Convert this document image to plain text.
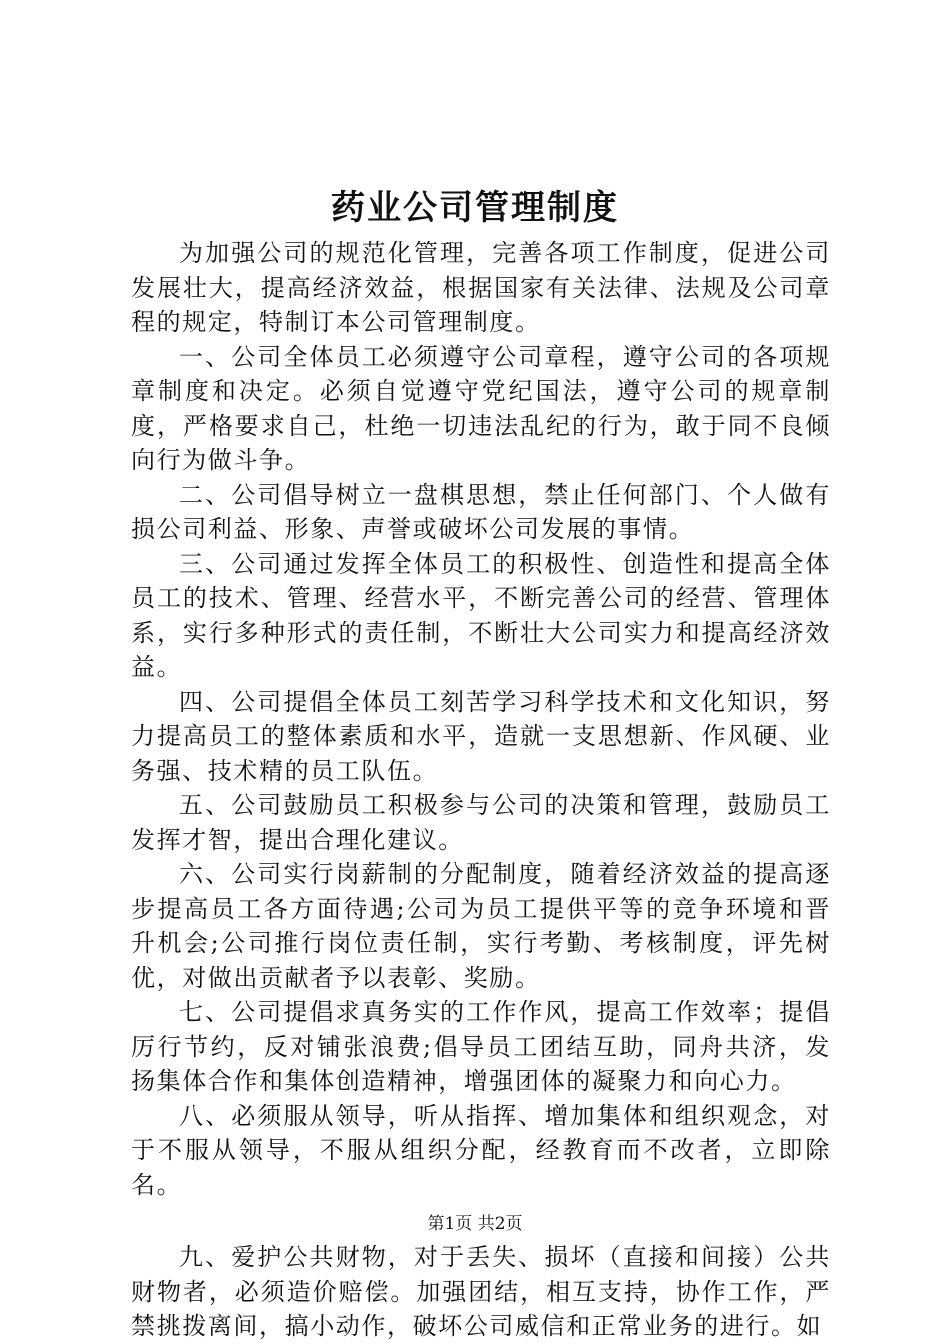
药业公司管理制度

为加强公司的规范化管理，完善各项工作制度，促进公司发展壮大，提高经济效益，根据国家有关法律、法规及公司章程的规定，特制订本公司管理制度。

一、公司全体员工必须遵守公司章程，遵守公司的各项规章制度和决定。必须自觉遵守党纪国法，遵守公司的规章制度，严格要求自己，杜绝一切违法乱纪的行为，敢于同不良倾向行为做斗争。

二、公司倡导树立一盘棋思想，禁止任何部门、个人做有损公司利益、形象、声誉或破坏公司发展的事情。

三、公司通过发挥全体员工的积极性、创造性和提高全体员工的技术、管理、经营水平，不断完善公司的经营、管理体系，实行多种形式的责任制，不断壮大公司实力和提高经济效益。

四、公司提倡全体员工刻苦学习科学技术和文化知识，努力提高员工的整体素质和水平，造就一支思想新、作风硬、业务强、技术精的员工队伍。

五、公司鼓励员工积极参与公司的决策和管理，鼓励员工发挥才智，提出合理化建议。

六、公司实行岗薪制的分配制度，随着经济效益的提高逐步提高员工各方面待遇;公司为员工提供平等的竞争环境和晋升机会;公司推行岗位责任制，实行考勤、考核制度，评先树优，对做出贡献者予以表彰、奖励。

七、公司提倡求真务实的工作作风，提高工作效率；提倡厉行节约，反对铺张浪费;倡导员工团结互助，同舟共济，发扬集体合作和集体创造精神，增强团体的凝聚力和向心力。

八、必须服从领导，听从指挥、增加集体和组织观念，对于不服从领导，不服从组织分配，经教育而不改者，立即除名。

九、爱护公共财物，对于丢失、损坏（直接和间接）公共财物者，必须造价赔偿。加强团结，相互支持，协作工作，严禁挑拨离间，搞小动作，破坏公司威信和正常业务的进行。如

第1页 共2页
